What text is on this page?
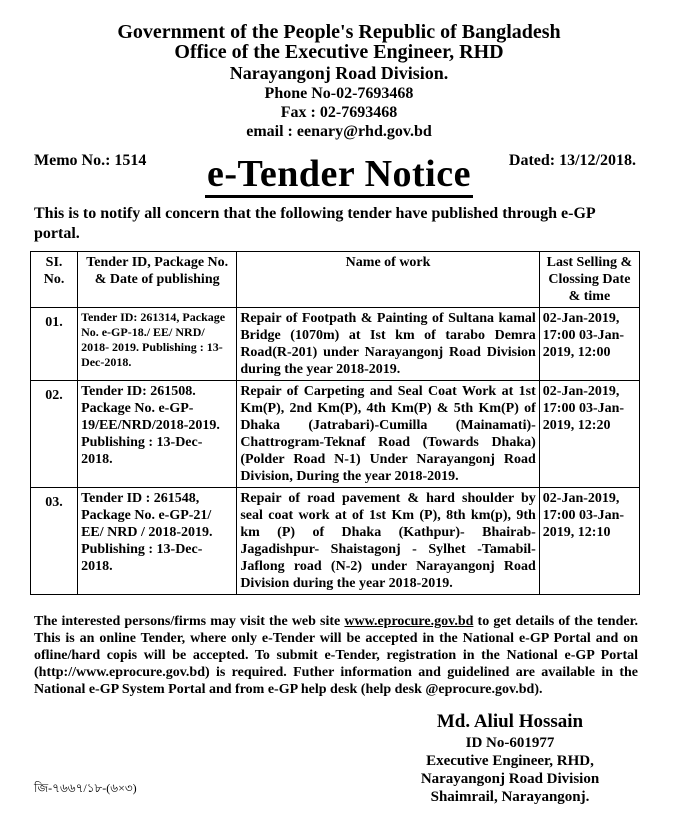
Government of the People's Republic of Bangladesh
Office of the Executive Engineer, RHD
Narayangonj Road Division.
Phone No-02-7693468
Fax : 02-7693468
email : eenary@rhd.gov.bd
Memo No.: 1514	e-Tender Notice	Dated: 13/12/2018.
This is to notify all concern that the following tender have published through e-GP portal.
SI. No.	Tender ID, Package No. & Date of publishing	Name of work	Last Selling & Clossing Date & time
01.	Tender ID: 261314, Package No. e-GP-18./ EE/ NRD/ 2018- 2019. Publishing : 13-Dec-2018.	Repair of Footpath & Painting of Sultana kamal Bridge (1070m) at Ist km of tarabo Demra Road(R-201) under Narayangonj Road Division during the year 2018-2019.	02-Jan-2019, 17:00 03-Jan-2019, 12:00
02.	Tender ID: 261508. Package No. e-GP-19/EE/NRD/2018-2019. Publishing : 13-Dec-2018.	Repair of Carpeting and Seal Coat Work at 1st Km(P), 2nd Km(P), 4th Km(P) & 5th Km(P) of Dhaka (Jatrabari)-Cumilla (Mainamati)- Chattrogram-Teknaf Road (Towards Dhaka) (Polder Road N-1) Under Narayangonj Road Division, During the year 2018-2019.	02-Jan-2019, 17:00 03-Jan-2019, 12:20
03.	Tender ID : 261548, Package No. e-GP-21/ EE/ NRD / 2018-2019. Publishing : 13-Dec-2018.	Repair of road pavement & hard shoulder by seal coat work at of 1st Km (P), 8th km(p), 9th km (P) of Dhaka (Kathpur)- Bhairab-Jagadishpur- Shaistagonj - Sylhet -Tamabil-Jaflong road (N-2) under Narayangonj Road Division during the year 2018-2019.	02-Jan-2019, 17:00 03-Jan-2019, 12:10
The interested persons/firms may visit the web site www.eprocure.gov.bd to get details of the tender. This is an online Tender, where only e-Tender will be accepted in the National e-GP Portal and on ofline/hard copis will be accepted. To submit e-Tender, registration in the National e-GP Portal (http://www.eprocure.gov.bd) is required. Futher information and guidelined are available in the National e-GP System Portal and from e-GP help desk (help desk @eprocure.gov.bd).
Md. Aliul Hossain
ID No-601977
Executive Engineer, RHD,
Narayangonj Road Division
Shaimrail, Narayangonj.
জি-৭৬৬৭/১৮-(৬×৩)
